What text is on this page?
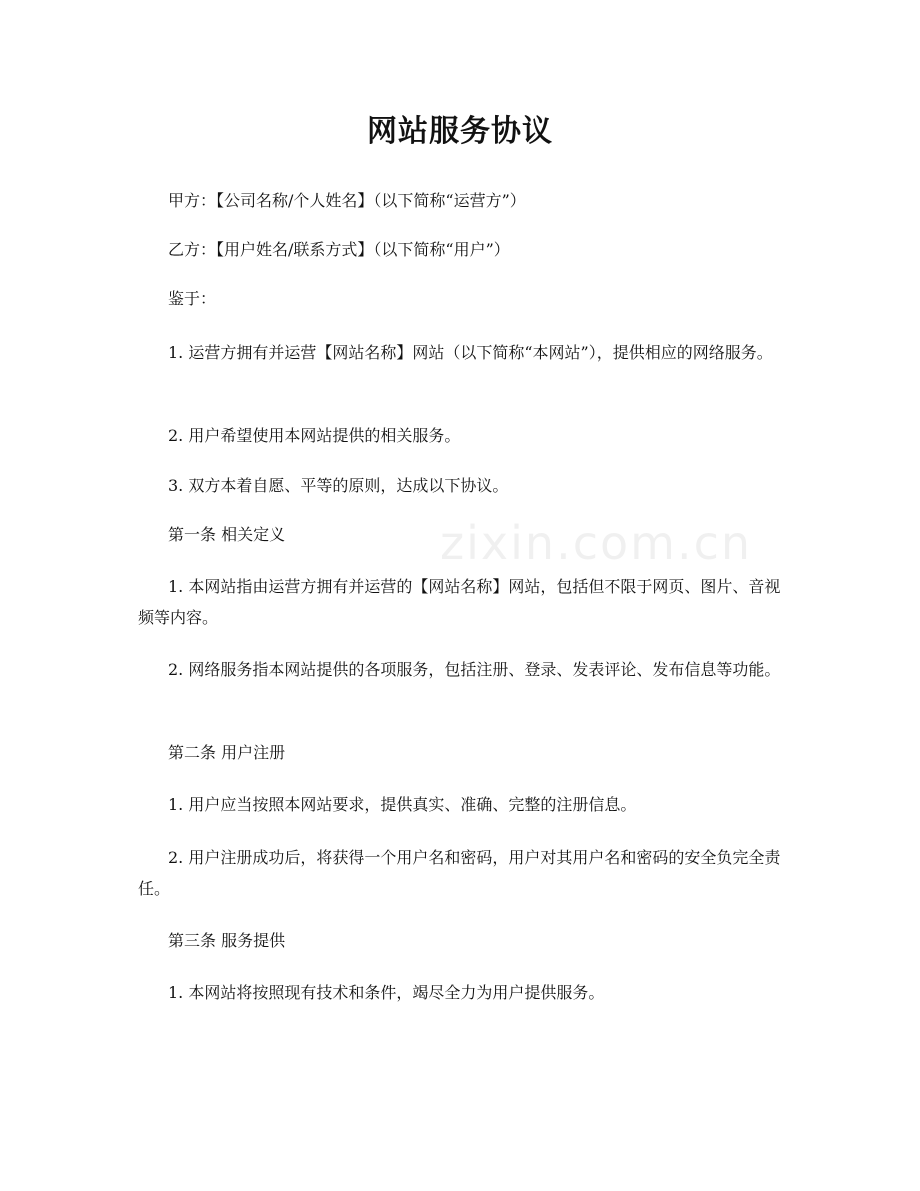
zixin.com.cn
网站服务协议

甲方：【公司名称/个人姓名】（以下简称“运营方”）

乙方：【用户姓名/联系方式】（以下简称“用户”）

鉴于：

1. 运营方拥有并运营【网站名称】网站（以下简称“本网站”），提供相应的网络服务。

2. 用户希望使用本网站提供的相关服务。

3. 双方本着自愿、平等的原则，达成以下协议。

第一条 相关定义

1. 本网站指由运营方拥有并运营的【网站名称】网站，包括但不限于网页、图片、音视频等内容。

2. 网络服务指本网站提供的各项服务，包括注册、登录、发表评论、发布信息等功能。

第二条 用户注册

1. 用户应当按照本网站要求，提供真实、准确、完整的注册信息。

2. 用户注册成功后，将获得一个用户名和密码，用户对其用户名和密码的安全负完全责任。

第三条 服务提供

1. 本网站将按照现有技术和条件，竭尽全力为用户提供服务。
